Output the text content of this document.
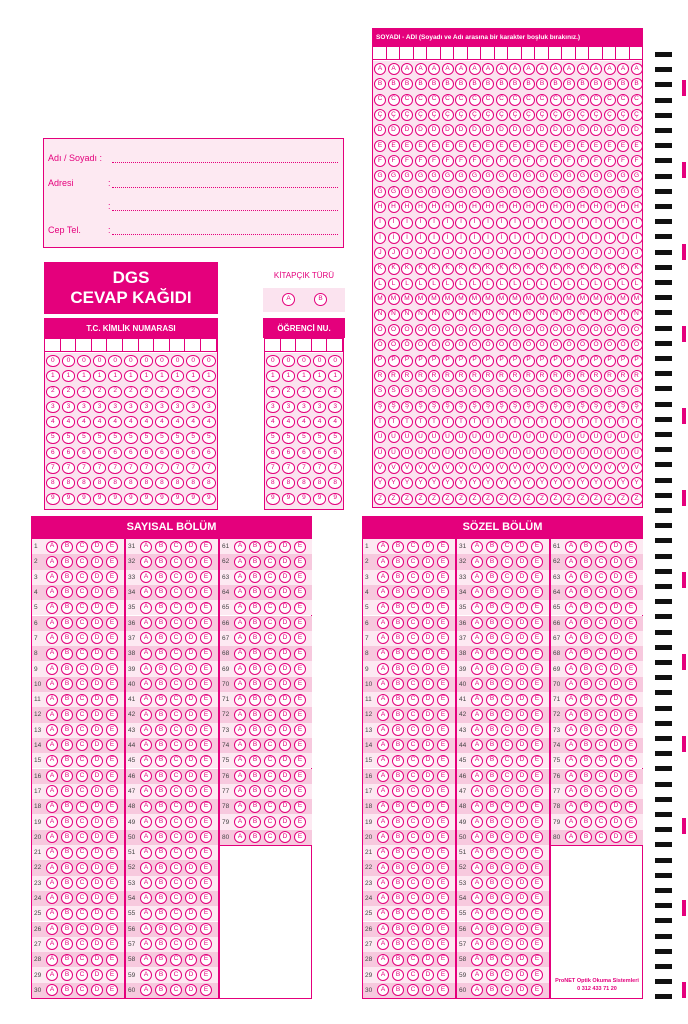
Adı / Soyadı :
Adresi	:
:
Cep Tel.	:
DGS
CEVAP KAĞIDI
KİTAPÇIK TÜRÜ
A	B
T.C. KİMLİK NUMARASI
0	0	0	0	0	0	0	0	0	0	0
1	1	1	1	1	1	1	1	1	1	1
2	2	2	2	2	2	2	2	2	2	2
3	3	3	3	3	3	3	3	3	3	3
4	4	4	4	4	4	4	4	4	4	4
5	5	5	5	5	5	5	5	5	5	5
6	6	6	6	6	6	6	6	6	6	6
7	7	7	7	7	7	7	7	7	7	7
8	8	8	8	8	8	8	8	8	8	8
9	9	9	9	9	9	9	9	9	9	9
ÖĞRENCİ NU.
0	0	0	0	0
1	1	1	1	1
2	2	2	2	2
3	3	3	3	3
4	4	4	4	4
5	5	5	5	5
6	6	6	6	6
7	7	7	7	7
8	8	8	8	8
9	9	9	9	9
SOYADI - ADI (Soyadı ve Adı arasına bir karakter boşluk bırakınız.)
A	A	A	A	A	A	A	A	A	A	A	A	A	A	A	A	A	A	A	A
B	B	B	B	B	B	B	B	B	B	B	B	B	B	B	B	B	B	B	B
C	C	C	C	C	C	C	C	C	C	C	C	C	C	C	C	C	C	C	C
Ç	Ç	Ç	Ç	Ç	Ç	Ç	Ç	Ç	Ç	Ç	Ç	Ç	Ç	Ç	Ç	Ç	Ç	Ç	Ç
D	D	D	D	D	D	D	D	D	D	D	D	D	D	D	D	D	D	D	D
E	E	E	E	E	E	E	E	E	E	E	E	E	E	E	E	E	E	E	E
F	F	F	F	F	F	F	F	F	F	F	F	F	F	F	F	F	F	F	F
G	G	G	G	G	G	G	G	G	G	G	G	G	G	G	G	G	G	G	G
Ğ	Ğ	Ğ	Ğ	Ğ	Ğ	Ğ	Ğ	Ğ	Ğ	Ğ	Ğ	Ğ	Ğ	Ğ	Ğ	Ğ	Ğ	Ğ	Ğ
H	H	H	H	H	H	H	H	H	H	H	H	H	H	H	H	H	H	H	H
I	I	I	I	I	I	I	I	I	I	I	I	I	I	I	I	I	I	I	I
İ	İ	İ	İ	İ	İ	İ	İ	İ	İ	İ	İ	İ	İ	İ	İ	İ	İ	İ	İ
J	J	J	J	J	J	J	J	J	J	J	J	J	J	J	J	J	J	J	J
K	K	K	K	K	K	K	K	K	K	K	K	K	K	K	K	K	K	K	K
L	L	L	L	L	L	L	L	L	L	L	L	L	L	L	L	L	L	L	L
M	M	M	M	M	M	M	M	M	M	M	M	M	M	M	M	M	M	M	M
N	N	N	N	N	N	N	N	N	N	N	N	N	N	N	N	N	N	N	N
O	O	O	O	O	O	O	O	O	O	O	O	O	O	O	O	O	O	O	O
Ö	Ö	Ö	Ö	Ö	Ö	Ö	Ö	Ö	Ö	Ö	Ö	Ö	Ö	Ö	Ö	Ö	Ö	Ö	Ö
P	P	P	P	P	P	P	P	P	P	P	P	P	P	P	P	P	P	P	P
R	R	R	R	R	R	R	R	R	R	R	R	R	R	R	R	R	R	R	R
S	S	S	S	S	S	S	S	S	S	S	S	S	S	S	S	S	S	S	S
Ş	Ş	Ş	Ş	Ş	Ş	Ş	Ş	Ş	Ş	Ş	Ş	Ş	Ş	Ş	Ş	Ş	Ş	Ş	Ş
T	T	T	T	T	T	T	T	T	T	T	T	T	T	T	T	T	T	T	T
U	U	U	U	U	U	U	U	U	U	U	U	U	U	U	U	U	U	U	U
Ü	Ü	Ü	Ü	Ü	Ü	Ü	Ü	Ü	Ü	Ü	Ü	Ü	Ü	Ü	Ü	Ü	Ü	Ü	Ü
V	V	V	V	V	V	V	V	V	V	V	V	V	V	V	V	V	V	V	V
Y	Y	Y	Y	Y	Y	Y	Y	Y	Y	Y	Y	Y	Y	Y	Y	Y	Y	Y	Y
Z	Z	Z	Z	Z	Z	Z	Z	Z	Z	Z	Z	Z	Z	Z	Z	Z	Z	Z	Z
SAYISAL BÖLÜM
1	A	B	C	D	E
2	A	B	C	D	E
3	A	B	C	D	E
4	A	B	C	D	E
5	A	B	C	D	E
6	A	B	C	D	E
7	A	B	C	D	E
8	A	B	C	D	E
9	A	B	C	D	E
10	A	B	C	D	E
11	A	B	C	D	E
12	A	B	C	D	E
13	A	B	C	D	E
14	A	B	C	D	E
15	A	B	C	D	E
16	A	B	C	D	E
17	A	B	C	D	E
18	A	B	C	D	E
19	A	B	C	D	E
20	A	B	C	D	E
21	A	B	C	D	E
22	A	B	C	D	E
23	A	B	C	D	E
24	A	B	C	D	E
25	A	B	C	D	E
26	A	B	C	D	E
27	A	B	C	D	E
28	A	B	C	D	E
29	A	B	C	D	E
30	A	B	C	D	E
31	A	B	C	D	E
32	A	B	C	D	E
33	A	B	C	D	E
34	A	B	C	D	E
35	A	B	C	D	E
36	A	B	C	D	E
37	A	B	C	D	E
38	A	B	C	D	E
39	A	B	C	D	E
40	A	B	C	D	E
41	A	B	C	D	E
42	A	B	C	D	E
43	A	B	C	D	E
44	A	B	C	D	E
45	A	B	C	D	E
46	A	B	C	D	E
47	A	B	C	D	E
48	A	B	C	D	E
49	A	B	C	D	E
50	A	B	C	D	E
51	A	B	C	D	E
52	A	B	C	D	E
53	A	B	C	D	E
54	A	B	C	D	E
55	A	B	C	D	E
56	A	B	C	D	E
57	A	B	C	D	E
58	A	B	C	D	E
59	A	B	C	D	E
60	A	B	C	D	E
61	A	B	C	D	E
62	A	B	C	D	E
63	A	B	C	D	E
64	A	B	C	D	E
65	A	B	C	D	E
66	A	B	C	D	E
67	A	B	C	D	E
68	A	B	C	D	E
69	A	B	C	D	E
70	A	B	C	D	E
71	A	B	C	D	E
72	A	B	C	D	E
73	A	B	C	D	E
74	A	B	C	D	E
75	A	B	C	D	E
76	A	B	C	D	E
77	A	B	C	D	E
78	A	B	C	D	E
79	A	B	C	D	E
80	A	B	C	D	E
SÖZEL BÖLÜM
1	A	B	C	D	E
2	A	B	C	D	E
3	A	B	C	D	E
4	A	B	C	D	E
5	A	B	C	D	E
6	A	B	C	D	E
7	A	B	C	D	E
8	A	B	C	D	E
9	A	B	C	D	E
10	A	B	C	D	E
11	A	B	C	D	E
12	A	B	C	D	E
13	A	B	C	D	E
14	A	B	C	D	E
15	A	B	C	D	E
16	A	B	C	D	E
17	A	B	C	D	E
18	A	B	C	D	E
19	A	B	C	D	E
20	A	B	C	D	E
21	A	B	C	D	E
22	A	B	C	D	E
23	A	B	C	D	E
24	A	B	C	D	E
25	A	B	C	D	E
26	A	B	C	D	E
27	A	B	C	D	E
28	A	B	C	D	E
29	A	B	C	D	E
30	A	B	C	D	E
31	A	B	C	D	E
32	A	B	C	D	E
33	A	B	C	D	E
34	A	B	C	D	E
35	A	B	C	D	E
36	A	B	C	D	E
37	A	B	C	D	E
38	A	B	C	D	E
39	A	B	C	D	E
40	A	B	C	D	E
41	A	B	C	D	E
42	A	B	C	D	E
43	A	B	C	D	E
44	A	B	C	D	E
45	A	B	C	D	E
46	A	B	C	D	E
47	A	B	C	D	E
48	A	B	C	D	E
49	A	B	C	D	E
50	A	B	C	D	E
51	A	B	C	D	E
52	A	B	C	D	E
53	A	B	C	D	E
54	A	B	C	D	E
55	A	B	C	D	E
56	A	B	C	D	E
57	A	B	C	D	E
58	A	B	C	D	E
59	A	B	C	D	E
60	A	B	C	D	E
61	A	B	C	D	E
62	A	B	C	D	E
63	A	B	C	D	E
64	A	B	C	D	E
65	A	B	C	D	E
66	A	B	C	D	E
67	A	B	C	D	E
68	A	B	C	D	E
69	A	B	C	D	E
70	A	B	C	D	E
71	A	B	C	D	E
72	A	B	C	D	E
73	A	B	C	D	E
74	A	B	C	D	E
75	A	B	C	D	E
76	A	B	C	D	E
77	A	B	C	D	E
78	A	B	C	D	E
79	A	B	C	D	E
80	A	B	C	D	E
ProNET Optik Okuma Sistemleri
0 312 433 71 20
